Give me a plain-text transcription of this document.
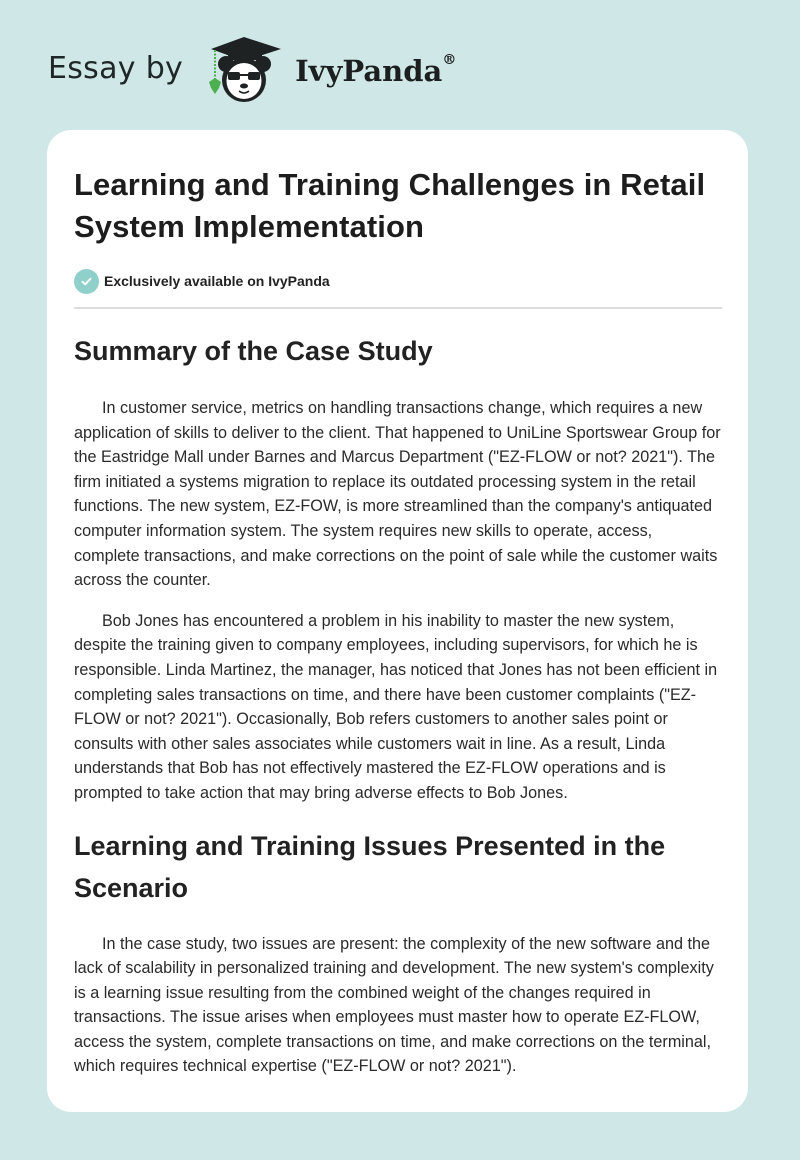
Essay by	IvyPanda®
Learning and Training Challenges in Retail System Implementation
Exclusively available on IvyPanda
Summary of the Case Study

In customer service, metrics on handling transactions change, which requires a new application of skills to deliver to the client. That happened to UniLine Sportswear Group for the Eastridge Mall under Barnes and Marcus Department ("EZ-FLOW or not? 2021"). The firm initiated a systems migration to replace its outdated processing system in the retail functions. The new system, EZ-FOW, is more streamlined than the company's antiquated computer information system. The system requires new skills to operate, access, complete transactions, and make corrections on the point of sale while the customer waits across the counter.

Bob Jones has encountered a problem in his inability to master the new system, despite the training given to company employees, including supervisors, for which he is responsible. Linda Martinez, the manager, has noticed that Jones has not been efficient in completing sales transactions on time, and there have been customer complaints ("EZ-FLOW or not? 2021"). Occasionally, Bob refers customers to another sales point or consults with other sales associates while customers wait in line. As a result, Linda understands that Bob has not effectively mastered the EZ-FLOW operations and is prompted to take action that may bring adverse effects to Bob Jones.

Learning and Training Issues Presented in the Scenario

In the case study, two issues are present: the complexity of the new software and the lack of scalability in personalized training and development. The new system's complexity is a learning issue resulting from the combined weight of the changes required in transactions. The issue arises when employees must master how to operate EZ-FLOW, access the system, complete transactions on time, and make corrections on the terminal, which requires technical expertise ("EZ-FLOW or not? 2021").
